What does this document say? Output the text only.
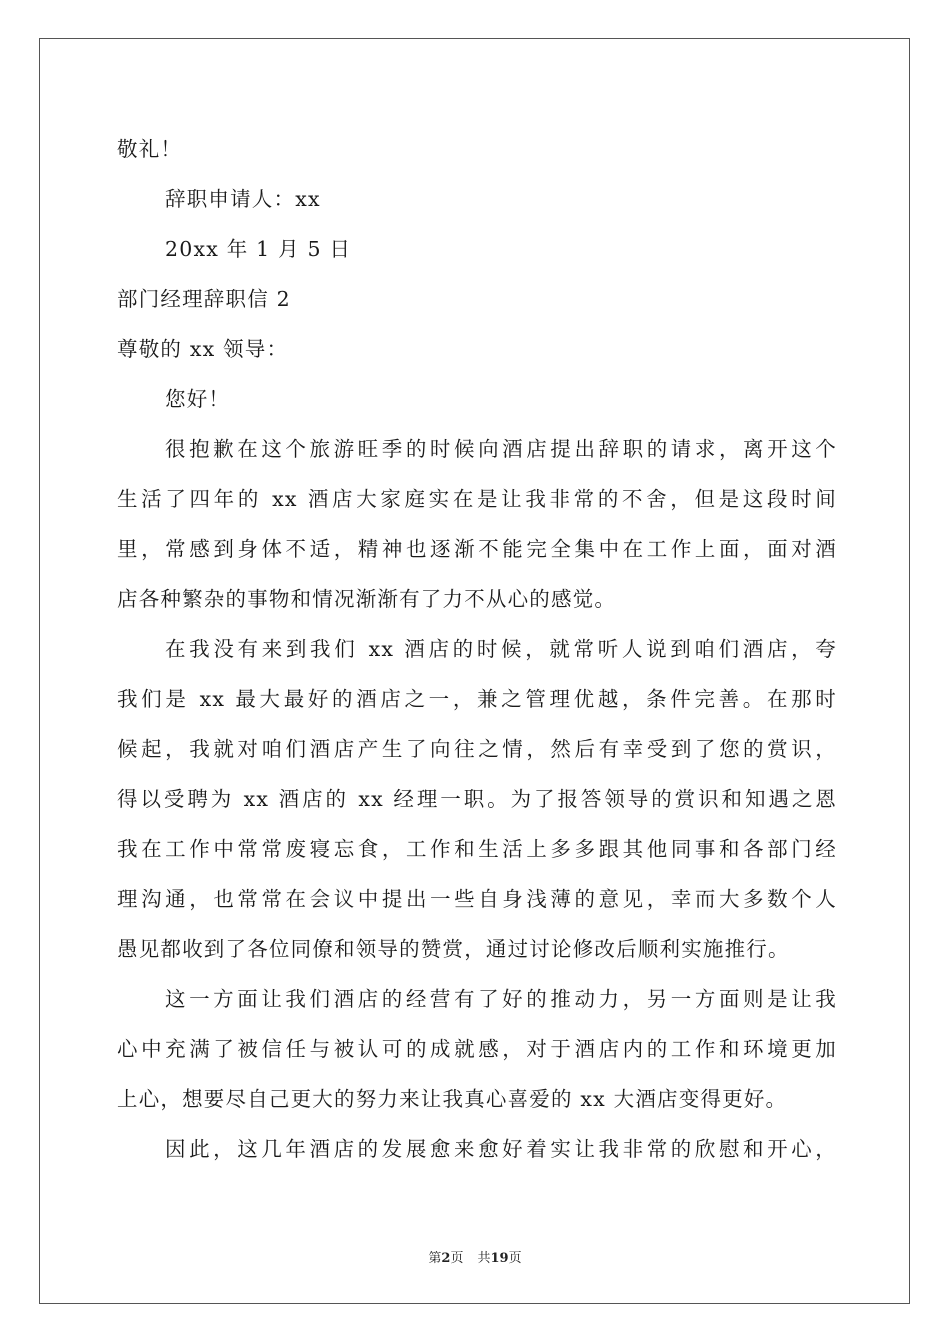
敬礼！
辞职申请人：xx
20xx 年 1 月 5 日
部门经理辞职信 2
尊敬的 xx 领导：
您好！
很抱歉在这个旅游旺季的时候向酒店提出辞职的请求，离开这个
生活了四年的 xx 酒店大家庭实在是让我非常的不舍，但是这段时间
里，常感到身体不适，精神也逐渐不能完全集中在工作上面，面对酒
店各种繁杂的事物和情况渐渐有了力不从心的感觉。
在我没有来到我们 xx 酒店的时候，就常听人说到咱们酒店，夸
我们是 xx 最大最好的酒店之一，兼之管理优越，条件完善。在那时
候起，我就对咱们酒店产生了向往之情，然后有幸受到了您的赏识，
得以受聘为 xx 酒店的 xx 经理一职。为了报答领导的赏识和知遇之恩
我在工作中常常废寝忘食，工作和生活上多多跟其他同事和各部门经
理沟通，也常常在会议中提出一些自身浅薄的意见，幸而大多数个人
愚见都收到了各位同僚和领导的赞赏，通过讨论修改后顺利实施推行。
这一方面让我们酒店的经营有了好的推动力，另一方面则是让我
心中充满了被信任与被认可的成就感，对于酒店内的工作和环境更加
上心，想要尽自己更大的努力来让我真心喜爱的 xx 大酒店变得更好。
因此，这几年酒店的发展愈来愈好着实让我非常的欣慰和开心，
第2页 共19页
